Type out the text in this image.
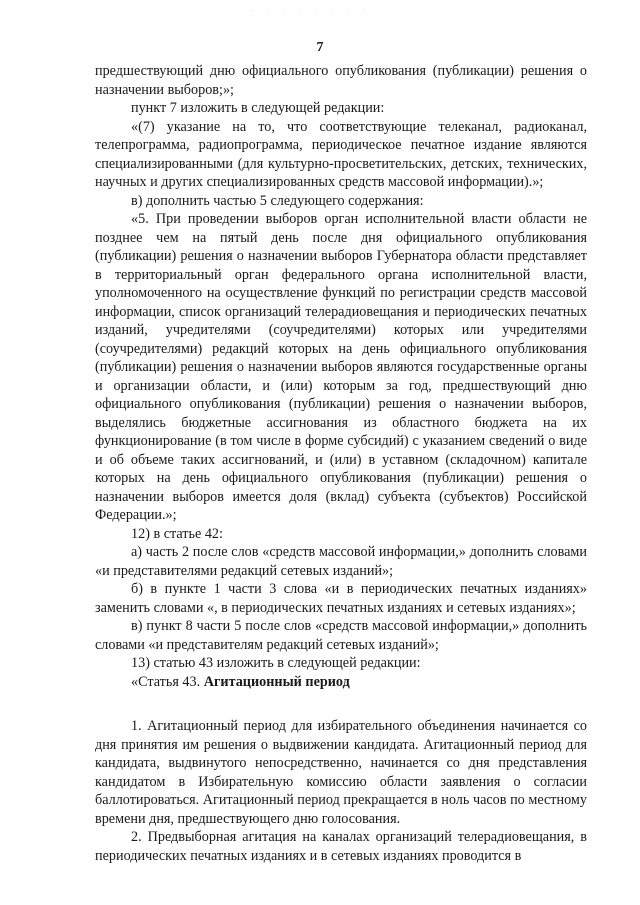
· · · · · · · ·
7

предшествующий дню официального опубликования (публикации) решения о назначении выборов;»;

пункт 7 изложить в следующей редакции:

«(7) указание на то, что соответствующие телеканал, радиоканал, телепрограмма, радиопрограмма, периодическое печатное издание являются специализированными (для культурно-просветительских, детских, технических, научных и других специализированных средств массовой информации).»;

в) дополнить частью 5 следующего содержания:

«5. При проведении выборов орган исполнительной власти области не позднее чем на пятый день после дня официального опубликования (публикации) решения о назначении выборов Губернатора области представляет в территориальный орган федерального органа исполнительной власти, уполномоченного на осуществление функций по регистрации средств массовой информации, список организаций телерадиовещания и периодических печатных изданий, учредителями (соучредителями) которых или учредителями (соучредителями) редакций которых на день официального опубликования (публикации) решения о назначении выборов являются государственные органы и организации области, и (или) которым за год, предшествующий дню официального опубликования (публикации) решения о назначении выборов, выделялись бюджетные ассигнования из областного бюджета на их функционирование (в том числе в форме субсидий) с указанием сведений о виде и об объеме таких ассигнований, и (или) в уставном (складочном) капитале которых на день официального опубликования (публикации) решения о назначении выборов имеется доля (вклад) субъекта (субъектов) Российской Федерации.»;

12) в статье 42:

а) часть 2 после слов «средств массовой информации,» дополнить словами «и представителями редакций сетевых изданий»;

б) в пункте 1 части 3 слова «и в периодических печатных изданиях» заменить словами «, в периодических печатных изданиях и сетевых изданиях»;

в) пункт 8 части 5 после слов «средств массовой информации,» дополнить словами «и представителям редакций сетевых изданий»;

13) статью 43 изложить в следующей редакции:

«Статья 43. Агитационный период

1. Агитационный период для избирательного объединения начинается со дня принятия им решения о выдвижении кандидата. Агитационный период для кандидата, выдвинутого непосредственно, начинается со дня представления кандидатом в Избирательную комиссию области заявления о согласии баллотироваться. Агитационный период прекращается в ноль часов по местному времени дня, предшествующего дню голосования.

2. Предвыборная агитация на каналах организаций телерадиовещания, в периодических печатных изданиях и в сетевых изданиях проводится в
